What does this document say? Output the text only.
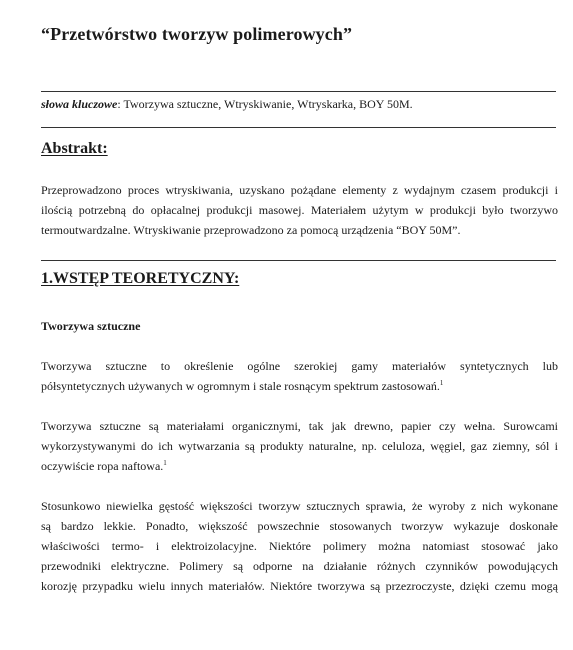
“Przetwórstwo tworzyw polimerowych”
słowa kluczowe: Tworzywa sztuczne, Wtryskiwanie, Wtryskarka, BOY 50M.
Abstrakt:
Przeprowadzono proces wtryskiwania, uzyskano pożądane elementy z wydajnym czasem produkcji i
ilością potrzebną do opłacalnej produkcji masowej. Materiałem użytym w produkcji było tworzywo
termoutwardzalne. Wtryskiwanie przeprowadzono za pomocą urządzenia “BOY 50M”.
1.WSTĘP TEORETYCZNY:
Tworzywa sztuczne
Tworzywa sztuczne to określenie ogólne szerokiej gamy materiałów syntetycznych lub
półsyntetycznych używanych w ogromnym i stale rosnącym spektrum zastosowań.$^1$
Tworzywa sztuczne są materiałami organicznymi, tak jak drewno, papier czy wełna. Surowcami
wykorzystywanymi do ich wytwarzania są produkty naturalne, np. celuloza, węgiel, gaz ziemny, sól i
oczywiście ropa naftowa.$^1$
Stosunkowo niewielka gęstość większości tworzyw sztucznych sprawia, że wyroby z nich wykonane
są bardzo lekkie. Ponadto, większość powszechnie stosowanych tworzyw wykazuje doskonałe
właściwości termo- i elektroizolacyjne. Niektóre polimery można natomiast stosować jako
przewodniki elektryczne. Polimery są odporne na działanie różnych czynników powodujących
korozję przypadku wielu innych materiałów. Niektóre tworzywa są przezroczyste, dzięki czemu mogą
